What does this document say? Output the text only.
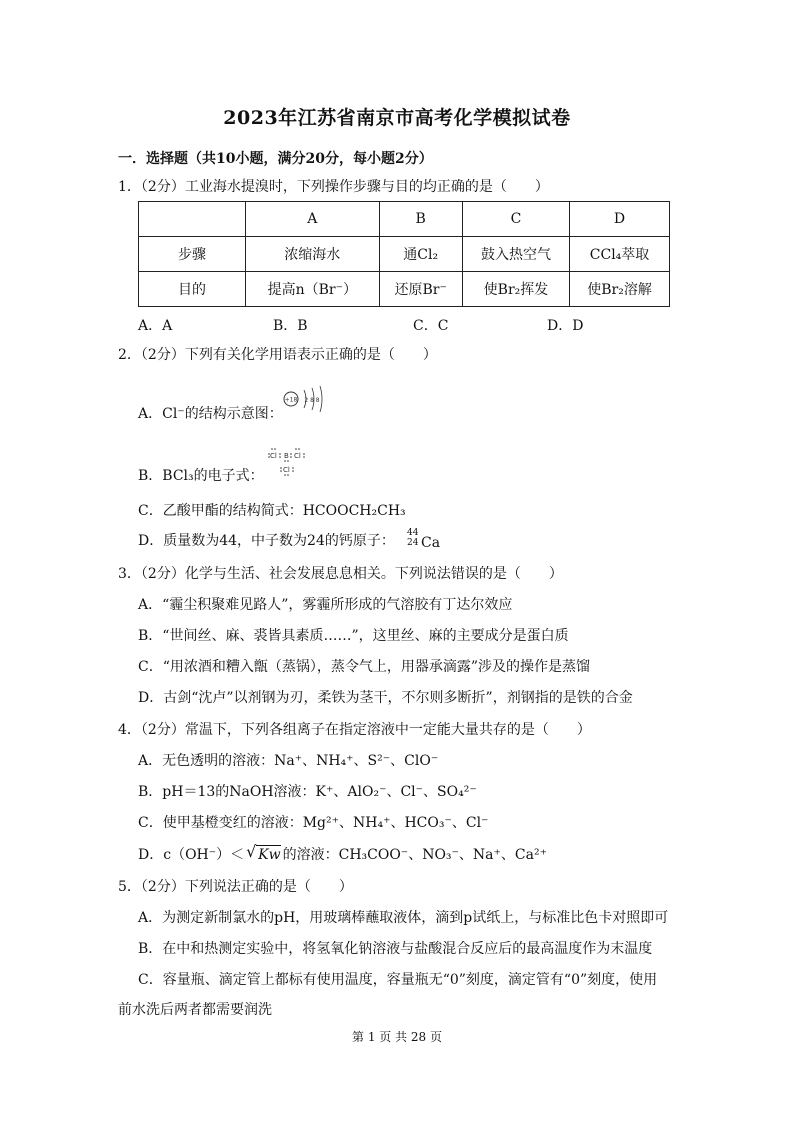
2023年江苏省南京市高考化学模拟试卷
一．选择题（共10小题，满分20分，每小题2分）
1．（2分）工业海水提溴时，下列操作步骤与目的均正确的是（　　）
	A	B	C	D
步骤	浓缩海水	通Cl₂	鼓入热空气	CCl₄萃取
目的	提高n（Br⁻）	还原Br⁻	使Br₂挥发	使Br₂溶解
A．A	B．B	C．C	D．D
2．（2分）下列有关化学用语表示正确的是（　　）
A．Cl⁻的结构示意图：
+18 2 8 8
B．BCl₃的电子式：
Cl B Cl
Cl
C．乙酸甲酯的结构简式：HCOOCH₂CH₃
D．质量数为44，中子数为24的钙原子： 44
24 Ca
3．（2分）化学与生活、社会发展息息相关。下列说法错误的是（　　）
A．“霾尘积聚难见路人”，雾霾所形成的气溶胶有丁达尔效应
B．“世间丝、麻、裘皆具素质……”，这里丝、麻的主要成分是蛋白质
C．“用浓酒和糟入甑（蒸锅），蒸令气上，用器承滴露”涉及的操作是蒸馏
D．古剑“沈卢”以剂钢为刃，柔铁为茎干，不尔则多断折”，剂钢指的是铁的合金
4．（2分）常温下，下列各组离子在指定溶液中一定能大量共存的是（　　）
A．无色透明的溶液：Na⁺、NH₄⁺、S²⁻、ClO⁻
B．pH＝13的NaOH溶液：K⁺、AlO₂⁻、Cl⁻、SO₄²⁻
C．使甲基橙变红的溶液：Mg²⁺、NH₄⁺、HCO₃⁻、Cl⁻
D．c（OH⁻）＜ √ Kw 的溶液：CH₃COO⁻、NO₃⁻、Na⁺、Ca²⁺
5．（2分）下列说法正确的是（　　）
A．为测定新制氯水的pH，用玻璃棒蘸取液体，滴到p试纸上，与标准比色卡对照即可
B．在中和热测定实验中，将氢氧化钠溶液与盐酸混合反应后的最高温度作为末温度
C．容量瓶、滴定管上都标有使用温度，容量瓶无“0”刻度，滴定管有“0”刻度，使用
前水洗后两者都需要润洗
第 1 页 共 28 页
